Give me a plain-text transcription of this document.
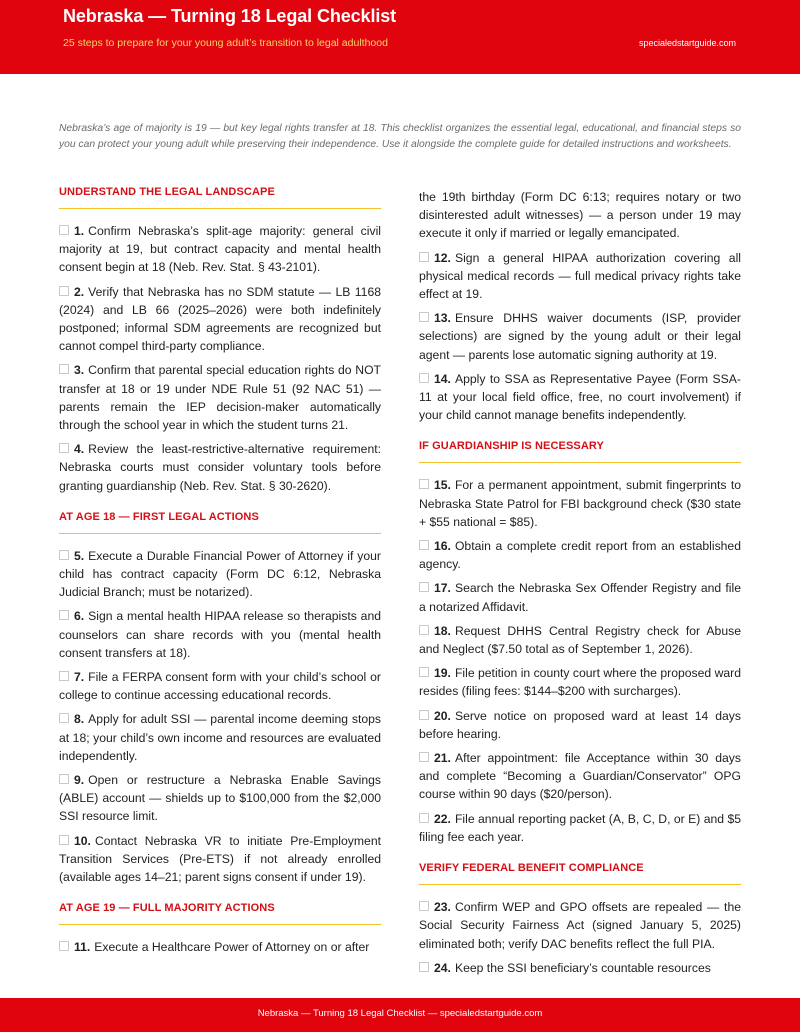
Nebraska — Turning 18 Legal Checklist
25 steps to prepare for your young adult’s transition to legal adulthood	specialedstartguide.com
Nebraska’s age of majority is 19 — but key legal rights transfer at 18. This checklist organizes the essential legal, educational, and financial steps so you can protect your young adult while preserving their independence. Use it alongside the complete guide for detailed instructions and worksheets.
UNDERSTAND THE LEGAL LANDSCAPE
1. Confirm Nebraska’s split-age majority: general civil majority at 19, but contract capacity and mental health consent begin at 18 (Neb. Rev. Stat. § 43-2101).
2. Verify that Nebraska has no SDM statute — LB 1168 (2024) and LB 66 (2025–2026) were both indefinitely postponed; informal SDM agreements are recognized but cannot compel third-party compliance.
3. Confirm that parental special education rights do NOT transfer at 18 or 19 under NDE Rule 51 (92 NAC 51) — parents remain the IEP decision-maker automatically through the school year in which the student turns 21.
4. Review the least-restrictive-alternative requirement: Nebraska courts must consider voluntary tools before granting guardianship (Neb. Rev. Stat. § 30-2620).
AT AGE 18 — FIRST LEGAL ACTIONS
5. Execute a Durable Financial Power of Attorney if your child has contract capacity (Form DC 6:12, Nebraska Judicial Branch; must be notarized).
6. Sign a mental health HIPAA release so therapists and counselors can share records with you (mental health consent transfers at 18).
7. File a FERPA consent form with your child’s school or college to continue accessing educational records.
8. Apply for adult SSI — parental income deeming stops at 18; your child’s own income and resources are evaluated independently.
9. Open or restructure a Nebraska Enable Savings (ABLE) account — shields up to $100,000 from the $2,000 SSI resource limit.
10. Contact Nebraska VR to initiate Pre-Employment Transition Services (Pre-ETS) if not already enrolled (available ages 14–21; parent signs consent if under 19).
AT AGE 19 — FULL MAJORITY ACTIONS
11. Execute a Healthcare Power of Attorney on or after
the 19th birthday (Form DC 6:13; requires notary or two disinterested adult witnesses) — a person under 19 may execute it only if married or legally emancipated.
12. Sign a general HIPAA authorization covering all physical medical records — full medical privacy rights take effect at 19.
13. Ensure DHHS waiver documents (ISP, provider selections) are signed by the young adult or their legal agent — parents lose automatic signing authority at 19.
14. Apply to SSA as Representative Payee (Form SSA-11 at your local field office, free, no court involvement) if your child cannot manage benefits independently.
IF GUARDIANSHIP IS NECESSARY
15. For a permanent appointment, submit fingerprints to Nebraska State Patrol for FBI background check ($30 state + $55 national = $85).
16. Obtain a complete credit report from an established agency.
17. Search the Nebraska Sex Offender Registry and file a notarized Affidavit.
18. Request DHHS Central Registry check for Abuse and Neglect ($7.50 total as of September 1, 2026).
19. File petition in county court where the proposed ward resides (filing fees: $144–$200 with surcharges).
20. Serve notice on proposed ward at least 14 days before hearing.
21. After appointment: file Acceptance within 30 days and complete “Becoming a Guardian/Conservator” OPG course within 90 days ($20/person).
22. File annual reporting packet (A, B, C, D, or E) and $5 filing fee each year.
VERIFY FEDERAL BENEFIT COMPLIANCE
23. Confirm WEP and GPO offsets are repealed — the Social Security Fairness Act (signed January 5, 2025) eliminated both; verify DAC benefits reflect the full PIA.
24. Keep the SSI beneficiary’s countable resources
Nebraska — Turning 18 Legal Checklist — specialedstartguide.com
